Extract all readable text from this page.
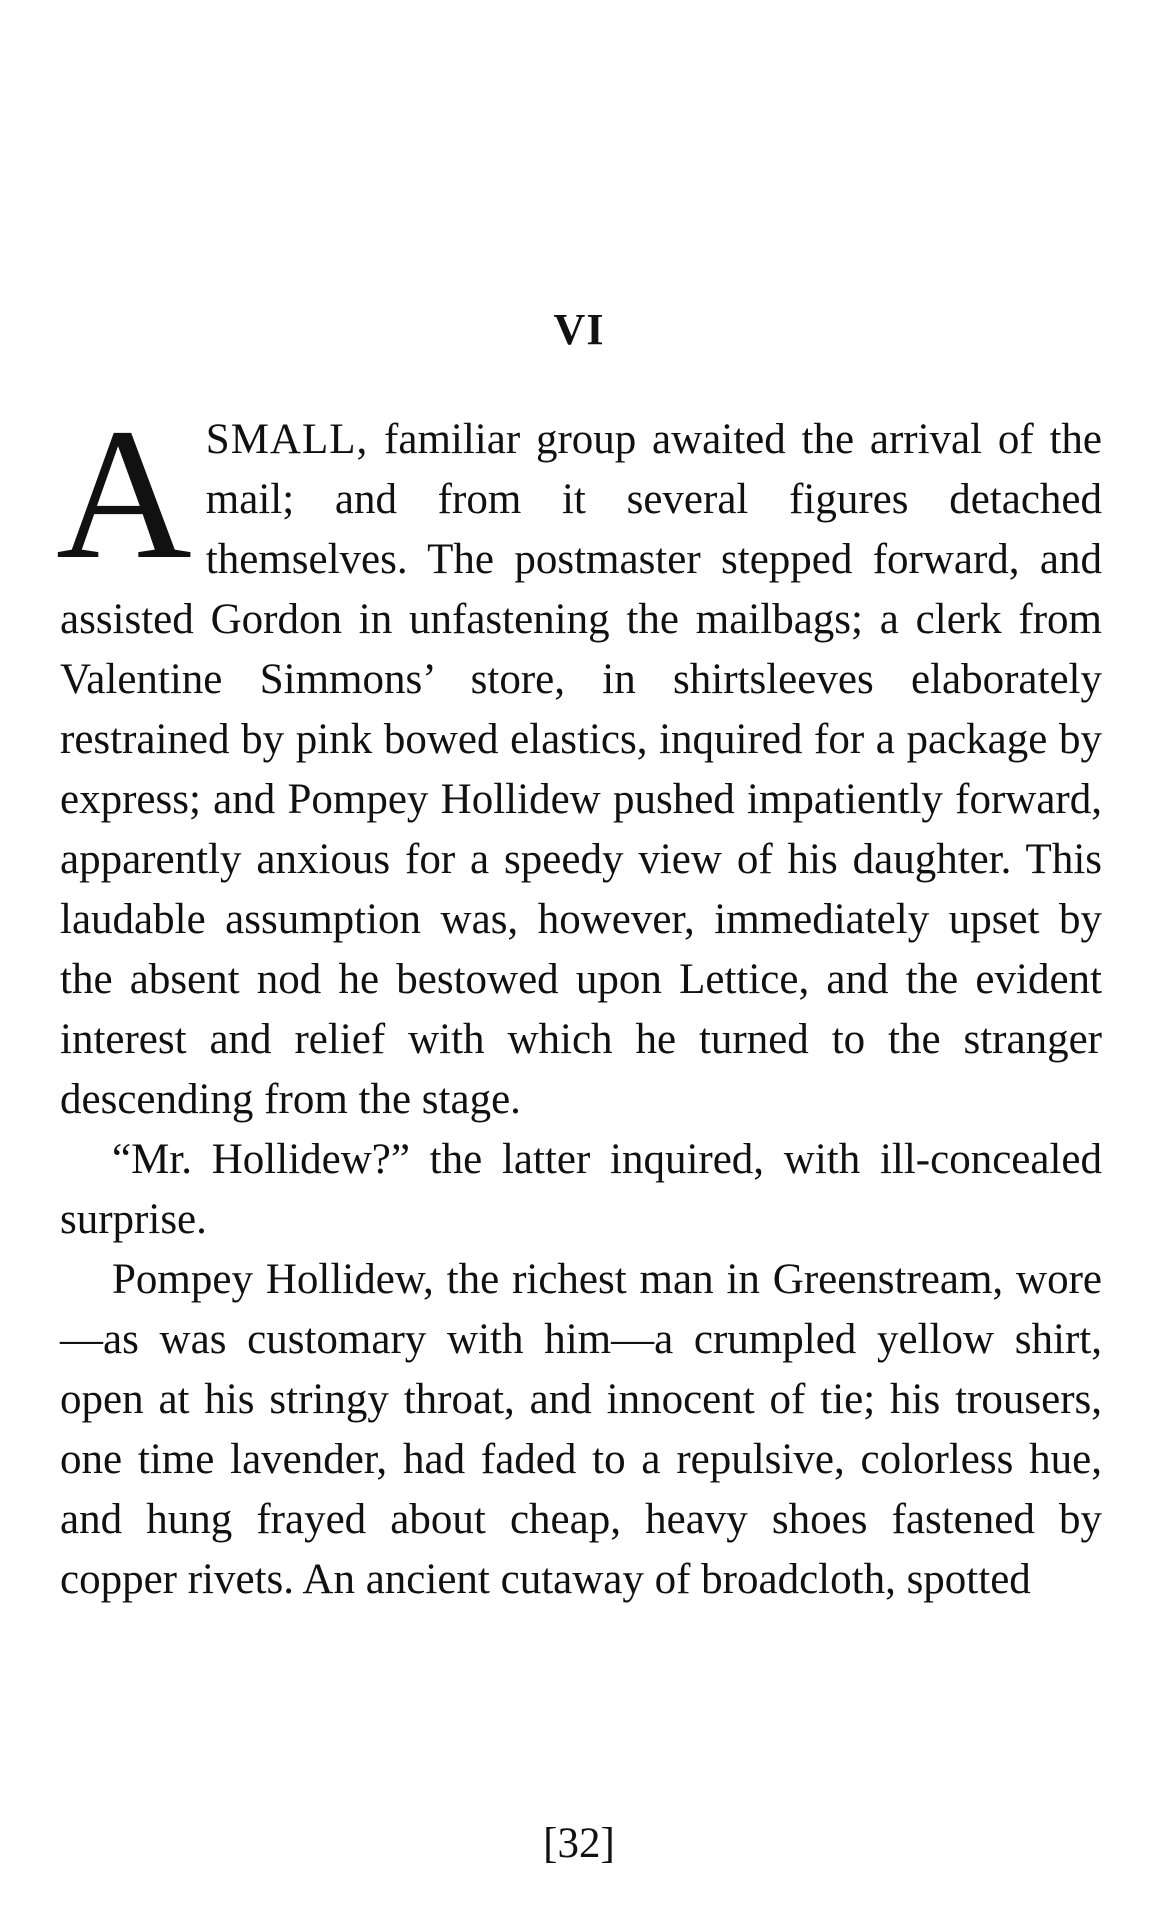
VI

ASMALL, familiar group awaited the arrival of the mail; and from it several figures detached themselves. The postmaster stepped forward, and assisted Gordon in unfastening the mailbags; a clerk from Valentine Simmons’ store, in shirtsleeves elaborately restrained by pink bowed elastics, inquired for a package by express; and Pompey Hollidew pushed impatiently forward, apparently anxious for a speedy view of his daughter. This laudable assumption was, however, immediately upset by the absent nod he bestowed upon Lettice, and the evident interest and relief with which he turned to the stranger descending from the stage.

“Mr. Hollidew?” the latter inquired, with ill-concealed surprise.

Pompey Hollidew, the richest man in Greenstream, wore—as was customary with him—a crumpled yellow shirt, open at his stringy throat, and innocent of tie; his trousers, one time lavender, had faded to a repulsive, colorless hue, and hung frayed about cheap, heavy shoes fastened by copper rivets. An ancient cutaway of broadcloth, spotted

[32]
